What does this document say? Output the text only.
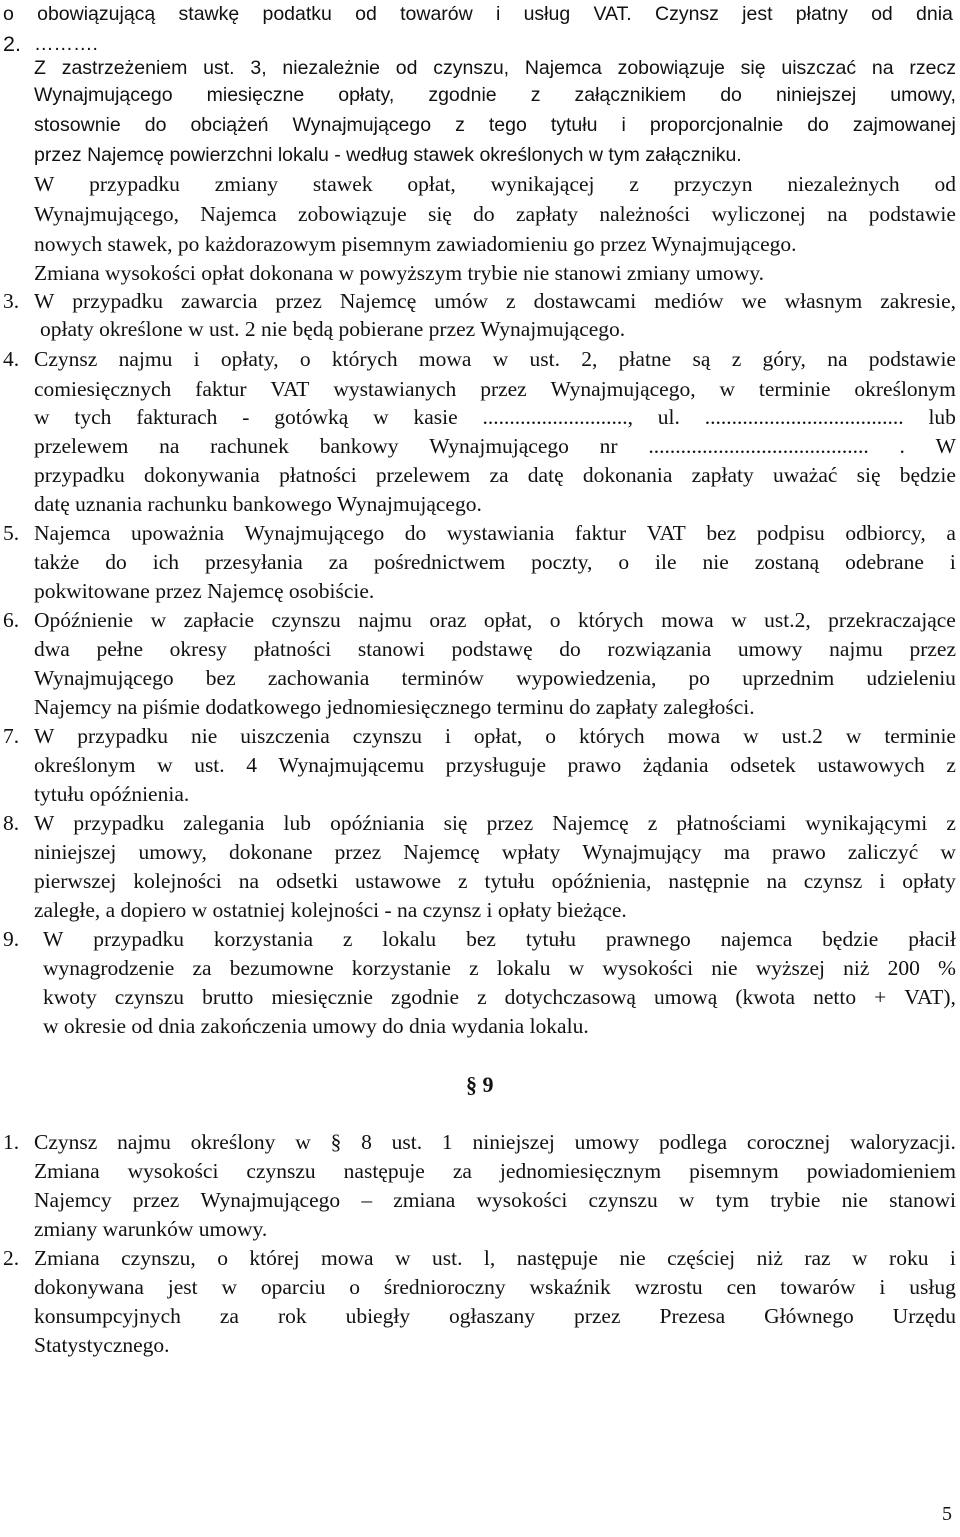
o obowiązującą stawkę podatku od towarów i usług VAT. Czynsz jest płatny od dnia
……….
Z zastrzeżeniem ust. 3, niezależnie od czynszu, Najemca zobowiązuje się uiszczać na rzecz
Wynajmującego miesięczne opłaty, zgodnie z załącznikiem do niniejszej umowy,
stosownie do obciążeń Wynajmującego z tego tytułu i proporcjonalnie do zajmowanej
przez Najemcę powierzchni lokalu - według stawek określonych w tym załączniku.
W przypadku zmiany stawek opłat, wynikającej z przyczyn niezależnych od
Wynajmującego, Najemca zobowiązuje się do zapłaty należności wyliczonej na podstawie
nowych stawek, po każdorazowym pisemnym zawiadomieniu go przez Wynajmującego.
Zmiana wysokości opłat dokonana w powyższym trybie nie stanowi zmiany umowy.
W przypadku zawarcia przez Najemcę umów z dostawcami mediów we własnym zakresie,
opłaty określone w ust. 2 nie będą pobierane przez Wynajmującego.
Czynsz najmu i opłaty, o których mowa w ust. 2, płatne są z góry, na podstawie
comiesięcznych faktur VAT wystawianych przez Wynajmującego, w terminie określonym
w tych fakturach - gotówką w kasie ..........................., ul. ..................................... lub
przelewem na rachunek bankowy Wynajmującego nr ......................................... . W
przypadku dokonywania płatności przelewem za datę dokonania zapłaty uważać się będzie
datę uznania rachunku bankowego Wynajmującego.
Najemca upoważnia Wynajmującego do wystawiania faktur VAT bez podpisu odbiorcy, a
także do ich przesyłania za pośrednictwem poczty, o ile nie zostaną odebrane i
pokwitowane przez Najemcę osobiście.
Opóźnienie w zapłacie czynszu najmu oraz opłat, o których mowa w ust.2, przekraczające
dwa pełne okresy płatności stanowi podstawę do rozwiązania umowy najmu przez
Wynajmującego bez zachowania terminów wypowiedzenia, po uprzednim udzieleniu
Najemcy na piśmie dodatkowego jednomiesięcznego terminu do zapłaty zaległości.
W przypadku nie uiszczenia czynszu i opłat, o których mowa w ust.2 w terminie
określonym w ust. 4 Wynajmującemu przysługuje prawo żądania odsetek ustawowych z
tytułu opóźnienia.
W przypadku zalegania lub opóźniania się przez Najemcę z płatnościami wynikającymi z
niniejszej umowy, dokonane przez Najemcę wpłaty Wynajmujący ma prawo zaliczyć w
pierwszej kolejności na odsetki ustawowe z tytułu opóźnienia, następnie na czynsz i opłaty
zaległe, a dopiero w ostatniej kolejności - na czynsz i opłaty bieżące.
W przypadku korzystania z lokalu bez tytułu prawnego najemca będzie płacił
wynagrodzenie za bezumowne korzystanie z lokalu w wysokości nie wyższej niż 200 %
kwoty czynszu brutto miesięcznie zgodnie z dotychczasową umową (kwota netto + VAT),
w okresie od dnia zakończenia umowy do dnia wydania lokalu.
Czynsz najmu określony w § 8 ust. 1 niniejszej umowy podlega corocznej waloryzacji.
Zmiana wysokości czynszu następuje za jednomiesięcznym pisemnym powiadomieniem
Najemcy przez Wynajmującego – zmiana wysokości czynszu w tym trybie nie stanowi
zmiany warunków umowy.
Zmiana czynszu, o której mowa w ust. l, następuje nie częściej niż raz w roku i
dokonywana jest w oparciu o średnioroczny wskaźnik wzrostu cen towarów i usług
konsumpcyjnych za rok ubiegły ogłaszany przez Prezesa Głównego Urzędu
Statystycznego.
2.
3.
4.
5.
6.
7.
8.
9.
1.
2.
§ 9
5
